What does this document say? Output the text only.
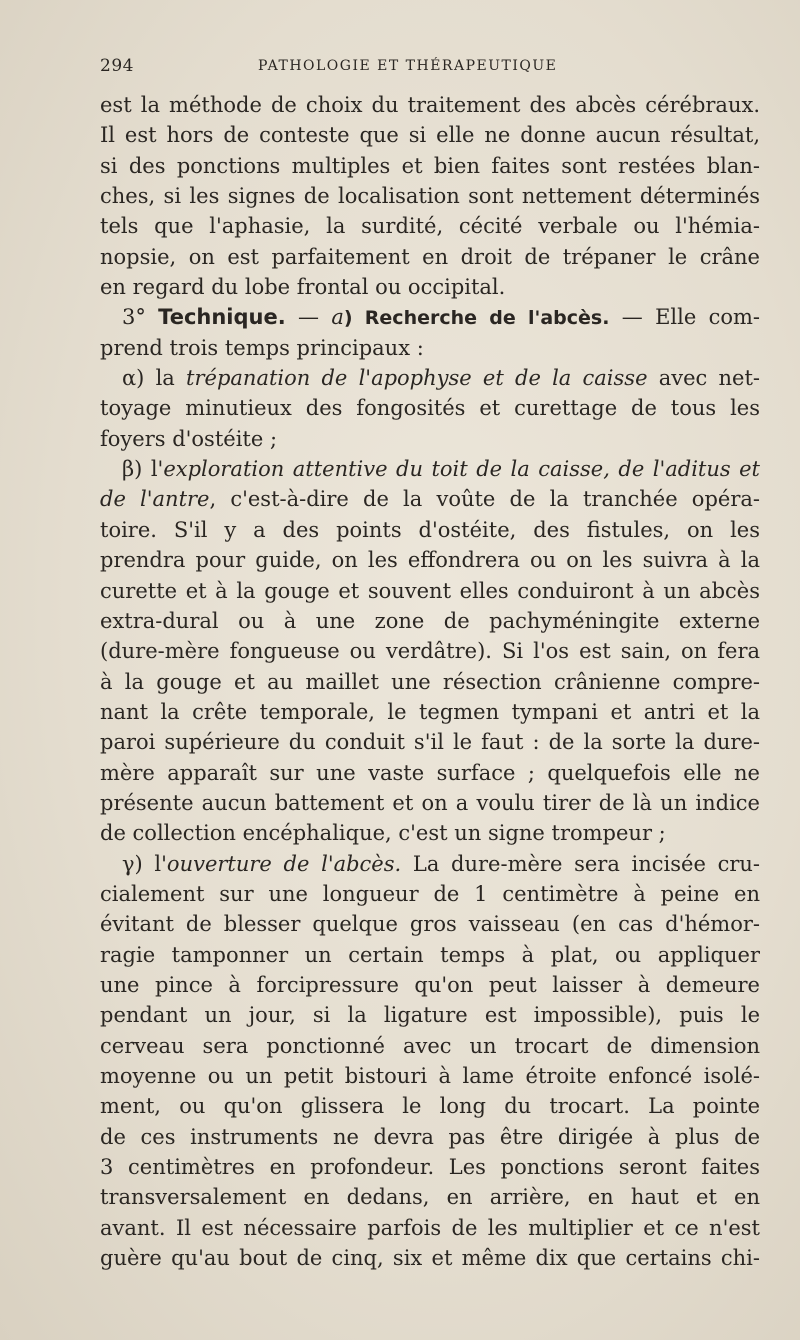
294	PATHOLOGIE ET THÉRAPEUTIQUE
est la méthode de choix du traitement des abcès cérébraux.
Il est hors de conteste que si elle ne donne aucun résultat,
si des ponctions multiples et bien faites sont restées blan-
ches, si les signes de localisation sont nettement déterminés
tels que l'aphasie, la surdité, cécité verbale ou l'hémia-
nopsie, on est parfaitement en droit de trépaner le crâne
en regard du lobe frontal ou occipital.
3° Technique. — a) Recherche de l'abcès. — Elle com-
prend trois temps principaux :
α) la trépanation de l'apophyse et de la caisse avec net-
toyage minutieux des fongosités et curettage de tous les
foyers d'ostéite ;
β) l'exploration attentive du toit de la caisse, de l'aditus et
de l'antre, c'est-à-dire de la voûte de la tranchée opéra-
toire. S'il y a des points d'ostéite, des fistules, on les
prendra pour guide, on les effondrera ou on les suivra à la
curette et à la gouge et souvent elles conduiront à un abcès
extra-dural ou à une zone de pachyméningite externe
(dure-mère fongueuse ou verdâtre). Si l'os est sain, on fera
à la gouge et au maillet une résection crânienne compre-
nant la crête temporale, le tegmen tympani et antri et la
paroi supérieure du conduit s'il le faut : de la sorte la dure-
mère apparaît sur une vaste surface ; quelquefois elle ne
présente aucun battement et on a voulu tirer de là un indice
de collection encéphalique, c'est un signe trompeur ;
γ) l'ouverture de l'abcès. La dure-mère sera incisée cru-
cialement sur une longueur de 1 centimètre à peine en
évitant de blesser quelque gros vaisseau (en cas d'hémor-
ragie tamponner un certain temps à plat, ou appliquer
une pince à forcipressure qu'on peut laisser à demeure
pendant un jour, si la ligature est impossible), puis le
cerveau sera ponctionné avec un trocart de dimension
moyenne ou un petit bistouri à lame étroite enfoncé isolé-
ment, ou qu'on glissera le long du trocart. La pointe
de ces instruments ne devra pas être dirigée à plus de
3 centimètres en profondeur. Les ponctions seront faites
transversalement en dedans, en arrière, en haut et en
avant. Il est nécessaire parfois de les multiplier et ce n'est
guère qu'au bout de cinq, six et même dix que certains chi-
